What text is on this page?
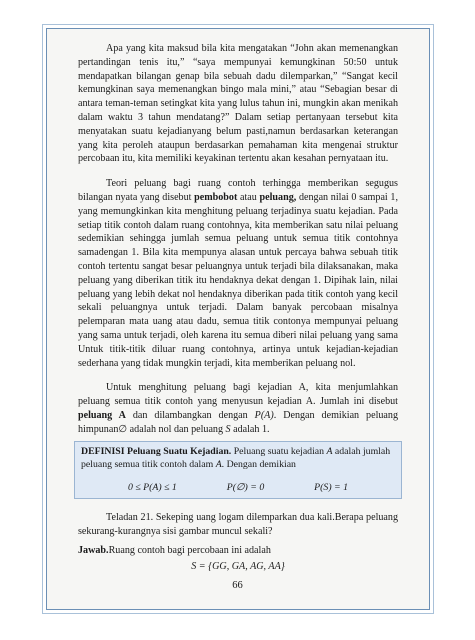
Apa yang kita maksud bila kita mengatakan “John akan memenangkan pertandingan tenis itu,” “saya mempunyai kemungkinan 50:50 untuk mendapatkan bilangan genap bila sebuah dadu dilemparkan,” “Sangat kecil kemungkinan saya memenangkan bingo mala mini,” atau “Sebagian besar di antara teman-teman setingkat kita yang lulus tahun ini, mungkin akan menikah dalam waktu 3 tahun mendatang?” Dalam setiap pertanyaan tersebut kita menyatakan suatu kejadianyang belum pasti,namun berdasarkan keterangan yang kita peroleh ataupun berdasarkan pemahaman kita mengenai struktur percobaan itu, kita memiliki keyakinan tertentu akan kesahan pernyataan itu.

Teori peluang bagi ruang contoh terhingga memberikan segugus bilangan nyata yang disebut pembobot atau peluang, dengan nilai 0 sampai 1, yang memungkinkan kita menghitung peluang terjadinya suatu kejadian. Pada setiap titik contoh dalam ruang contohnya, kita memberikan satu nilai peluang sedemikian sehingga jumlah semua peluang untuk semua titik contohnya samadengan 1. Bila kita mempunya alasan untuk percaya bahwa sebuah titik contoh tertentu sangat besar peluangnya untuk terjadi bila dilaksanakan, maka peluang yang diberikan titik itu hendaknya dekat dengan 1. Dipihak lain, nilai peluang yang lebih dekat nol hendaknya diberikan pada titik contoh yang kecil sekali peluangnya untuk terjadi. Dalam banyak percobaan misalnya pelemparan mata uang atau dadu, semua titik contonya mempunyai peluang yang sama untuk terjadi, oleh karena itu semua diberi nilai peluang yang sama Untuk titik-titik diluar ruang contohnya, artinya untuk kejadian-kejadian sederhana yang tidak mungkin terjadi, kita memberikan peluang nol.

Untuk menghitung peluang bagi kejadian A, kita menjumlahkan peluang semua titik contoh yang menyusun kejadian A. Jumlah ini disebut peluang A dan dilambangkan dengan P(A). Dengan demikian peluang himpunan∅ adalah nol dan peluang S adalah 1.

DEFINISI Peluang Suatu Kejadian. Peluang suatu kejadian A adalah jumlah peluang semua titik contoh dalam A. Dengan demikian
0 ≤ P(A) ≤ 1	P(∅) = 0	P(S) = 1

Teladan 21. Sekeping uang logam dilemparkan dua kali.Berapa peluang sekurang-kurangnya sisi gambar muncul sekali?

Jawab.Ruang contoh bagi percobaan ini adalah

S = {GG, GA, AG, AA}

66
